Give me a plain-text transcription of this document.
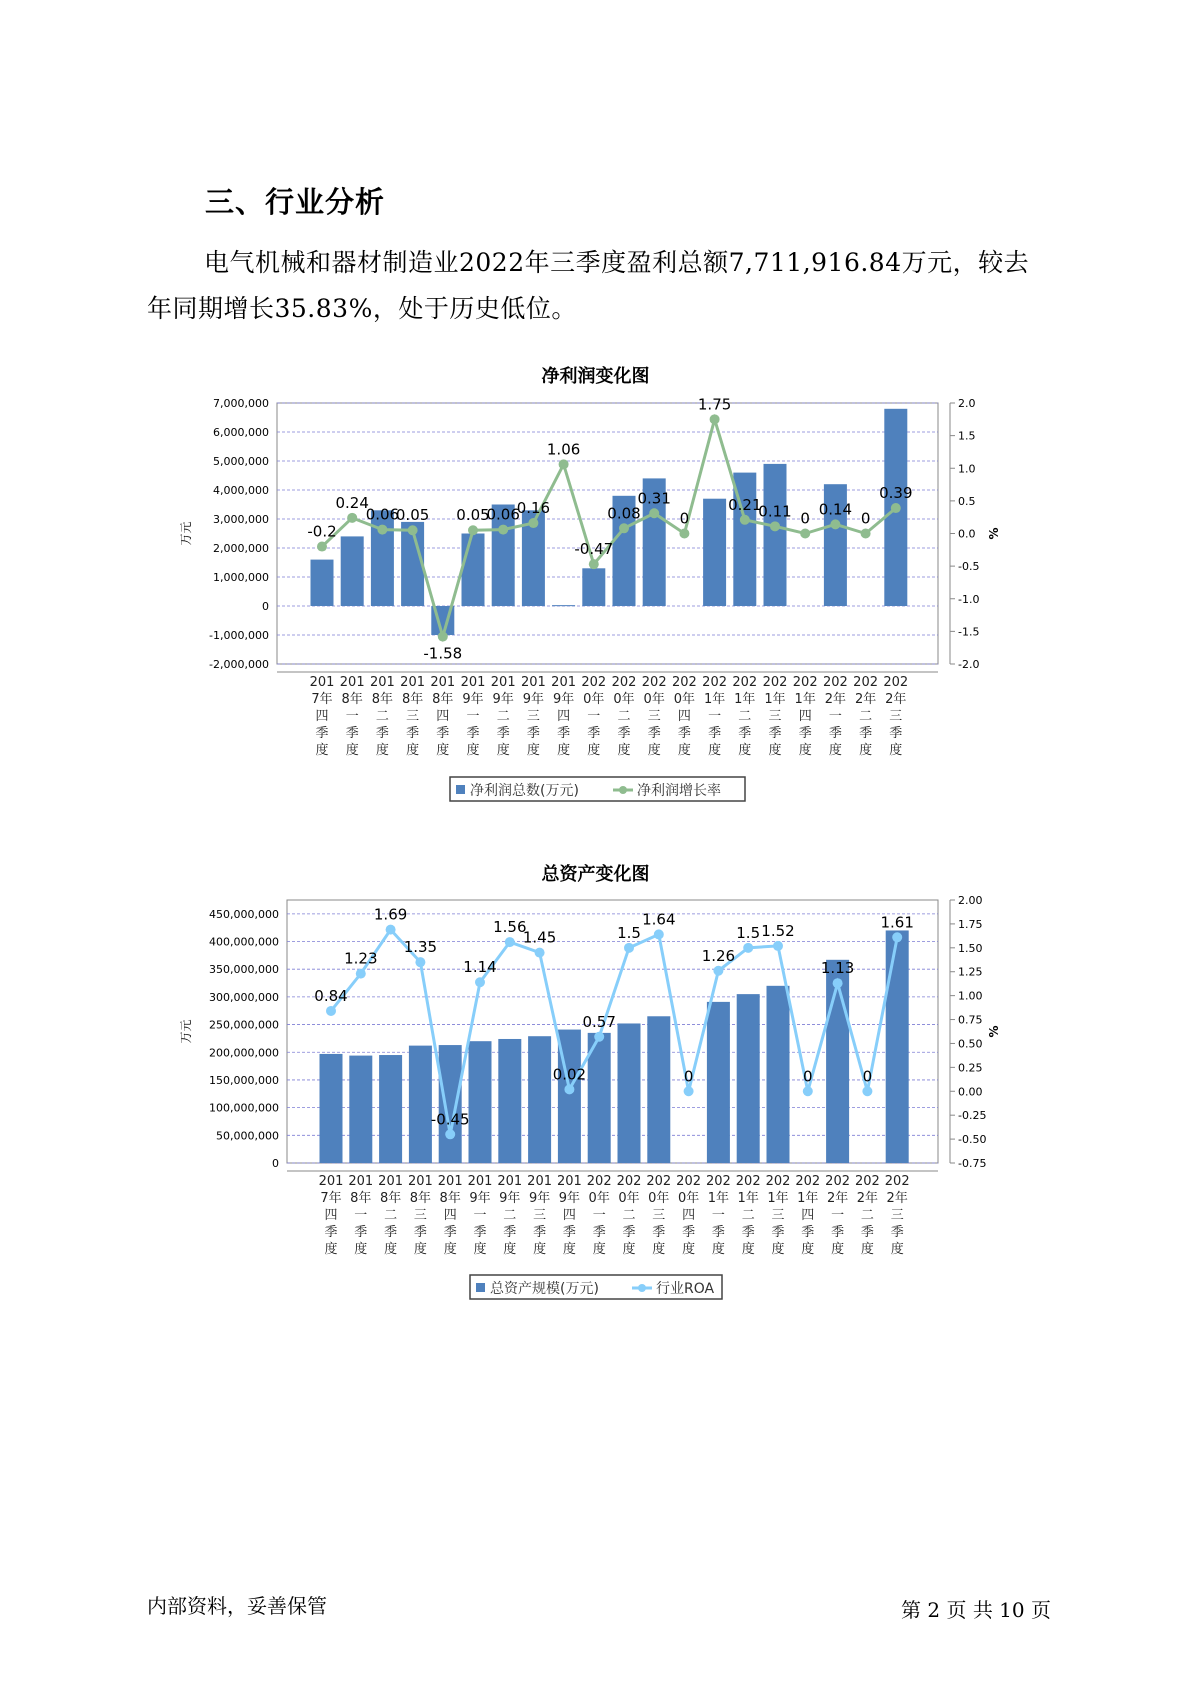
三、行业分析
电气机械和器材制造业2022年三季度盈利总额7,711,916.84万元，较去年同期增长35.83%，处于历史低位。
净利润变化图
-2,000,000
-1,000,000
0
1,000,000
2,000,000
3,000,000
4,000,000
5,000,000
6,000,000
7,000,000
-2.0
-1.5
-1.0
-0.5
0.0
0.5
1.0
1.5
2.0
万元	%
-0.2
0.24
0.06
0.05
-1.58
0.05
0.06
0.16
1.06
-0.47
0.08
0.31
0
1.75
0.21
0.11 0
0.14
0
0.39
201
7年
四
季
度
201
8年
一
季
度
201
8年
二
季
度
201
8年
三
季
度
201
8年
四
季
度
201
9年
一
季
度
201
9年
二
季
度
201
9年
三
季
度
201
9年
四
季
度
202
0年
一
季
度
202
0年
二
季
度
202
0年
三
季
度
202
0年
四
季
度
202
1年
一
季
度
202
1年
二
季
度
202
1年
三
季
度
202
1年
四
季
度
202
2年
一
季
度
202
2年
二
季
度
202
2年
三
季
度
净利润总数(万元)	净利润增长率
总资产变化图
0
50,000,000
100,000,000
150,000,000
200,000,000
250,000,000
300,000,000
350,000,000
400,000,000
450,000,000
-0.75
-0.50
-0.25
0.00
0.25
0.50
0.75
1.00
1.25
1.50
1.75
2.00
万元	%
0.84
1.23
1.69
1.35
-0.45
1.14
1.56
1.45
0.02
0.57
1.5
1.64
0
1.26
1.5 1.52
0
1.13
0
1.61
201
7年
四
季
度
201
8年
一
季
度
201
8年
二
季
度
201
8年
三
季
度
201
8年
四
季
度
201
9年
一
季
度
201
9年
二
季
度
201
9年
三
季
度
201
9年
四
季
度
202
0年
一
季
度
202
0年
二
季
度
202
0年
三
季
度
202
0年
四
季
度
202
1年
一
季
度
202
1年
二
季
度
202
1年
三
季
度
202
1年
四
季
度
202
2年
一
季
度
202
2年
二
季
度
202
2年
三
季
度
总资产规模(万元)	行业ROA
内部资料，妥善保管	第 2 页 共 10 页
